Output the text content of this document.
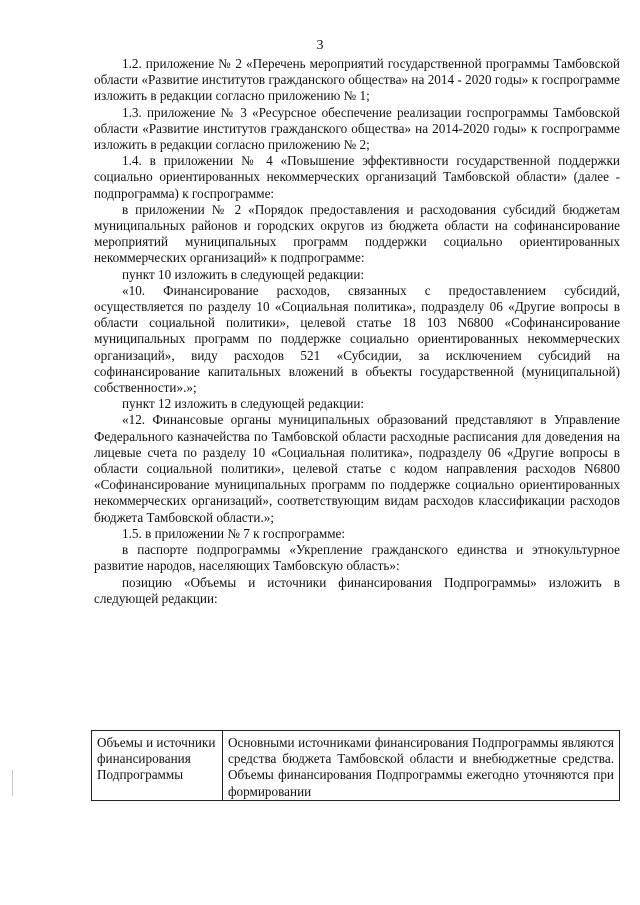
3

1.2. приложение № 2 «Перечень мероприятий государственной программы Тамбовской области «Развитие институтов гражданского общества» на 2014 - 2020 годы» к госпрограмме изложить в редакции согласно приложению № 1;

1.3. приложение № 3 «Ресурсное обеспечение реализации госпрограммы Тамбовской области «Развитие институтов гражданского общества» на 2014-2020 годы» к госпрограмме изложить в редакции согласно приложению № 2;

1.4. в приложении № 4 «Повышение эффективности государственной поддержки социально ориентированных некоммерческих организаций Тамбовской области» (далее - подпрограмма) к госпрограмме:

в приложении № 2 «Порядок предоставления и расходования субсидий бюджетам муниципальных районов и городских округов из бюджета области на софинансирование мероприятий муниципальных программ поддержки социально ориентированных некоммерческих организаций» к подпрограмме:

пункт 10 изложить в следующей редакции:

«10. Финансирование расходов, связанных с предоставлением субсидий, осуществляется по разделу 10 «Социальная политика», подразделу 06 «Другие вопросы в области социальной политики», целевой статье 18 103 N6800 «Софинансирование муниципальных программ по поддержке социально ориентированных некоммерческих организаций», виду расходов 521 «Субсидии, за исключением субсидий на софинансирование капитальных вложений в объекты государственной (муниципальной) собственности».»;

пункт 12 изложить в следующей редакции:

«12. Финансовые органы муниципальных образований представляют в Управление Федерального казначейства по Тамбовской области расходные расписания для доведения на лицевые счета по разделу 10 «Социальная политика», подразделу 06 «Другие вопросы в области социальной политики», целевой статье с кодом направления расходов N6800 «Софинансирование муниципальных программ по поддержке социально ориентированных некоммерческих организаций», соответствующим видам расходов классификации расходов бюджета Тамбовской области.»;

1.5. в приложении № 7 к госпрограмме:

в паспорте подпрограммы «Укрепление гражданского единства и этнокультурное развитие народов, населяющих Тамбовскую область»:

позицию «Объемы и источники финансирования Подпрограммы» изложить в следующей редакции:

Объемы и источники финансирования Подпрограммы	Основными источниками финансирования Подпрограммы являются средства бюджета Тамбовской области и внебюджетные средства. Объемы финансирования Подпрограммы ежегодно уточняются при формировании
